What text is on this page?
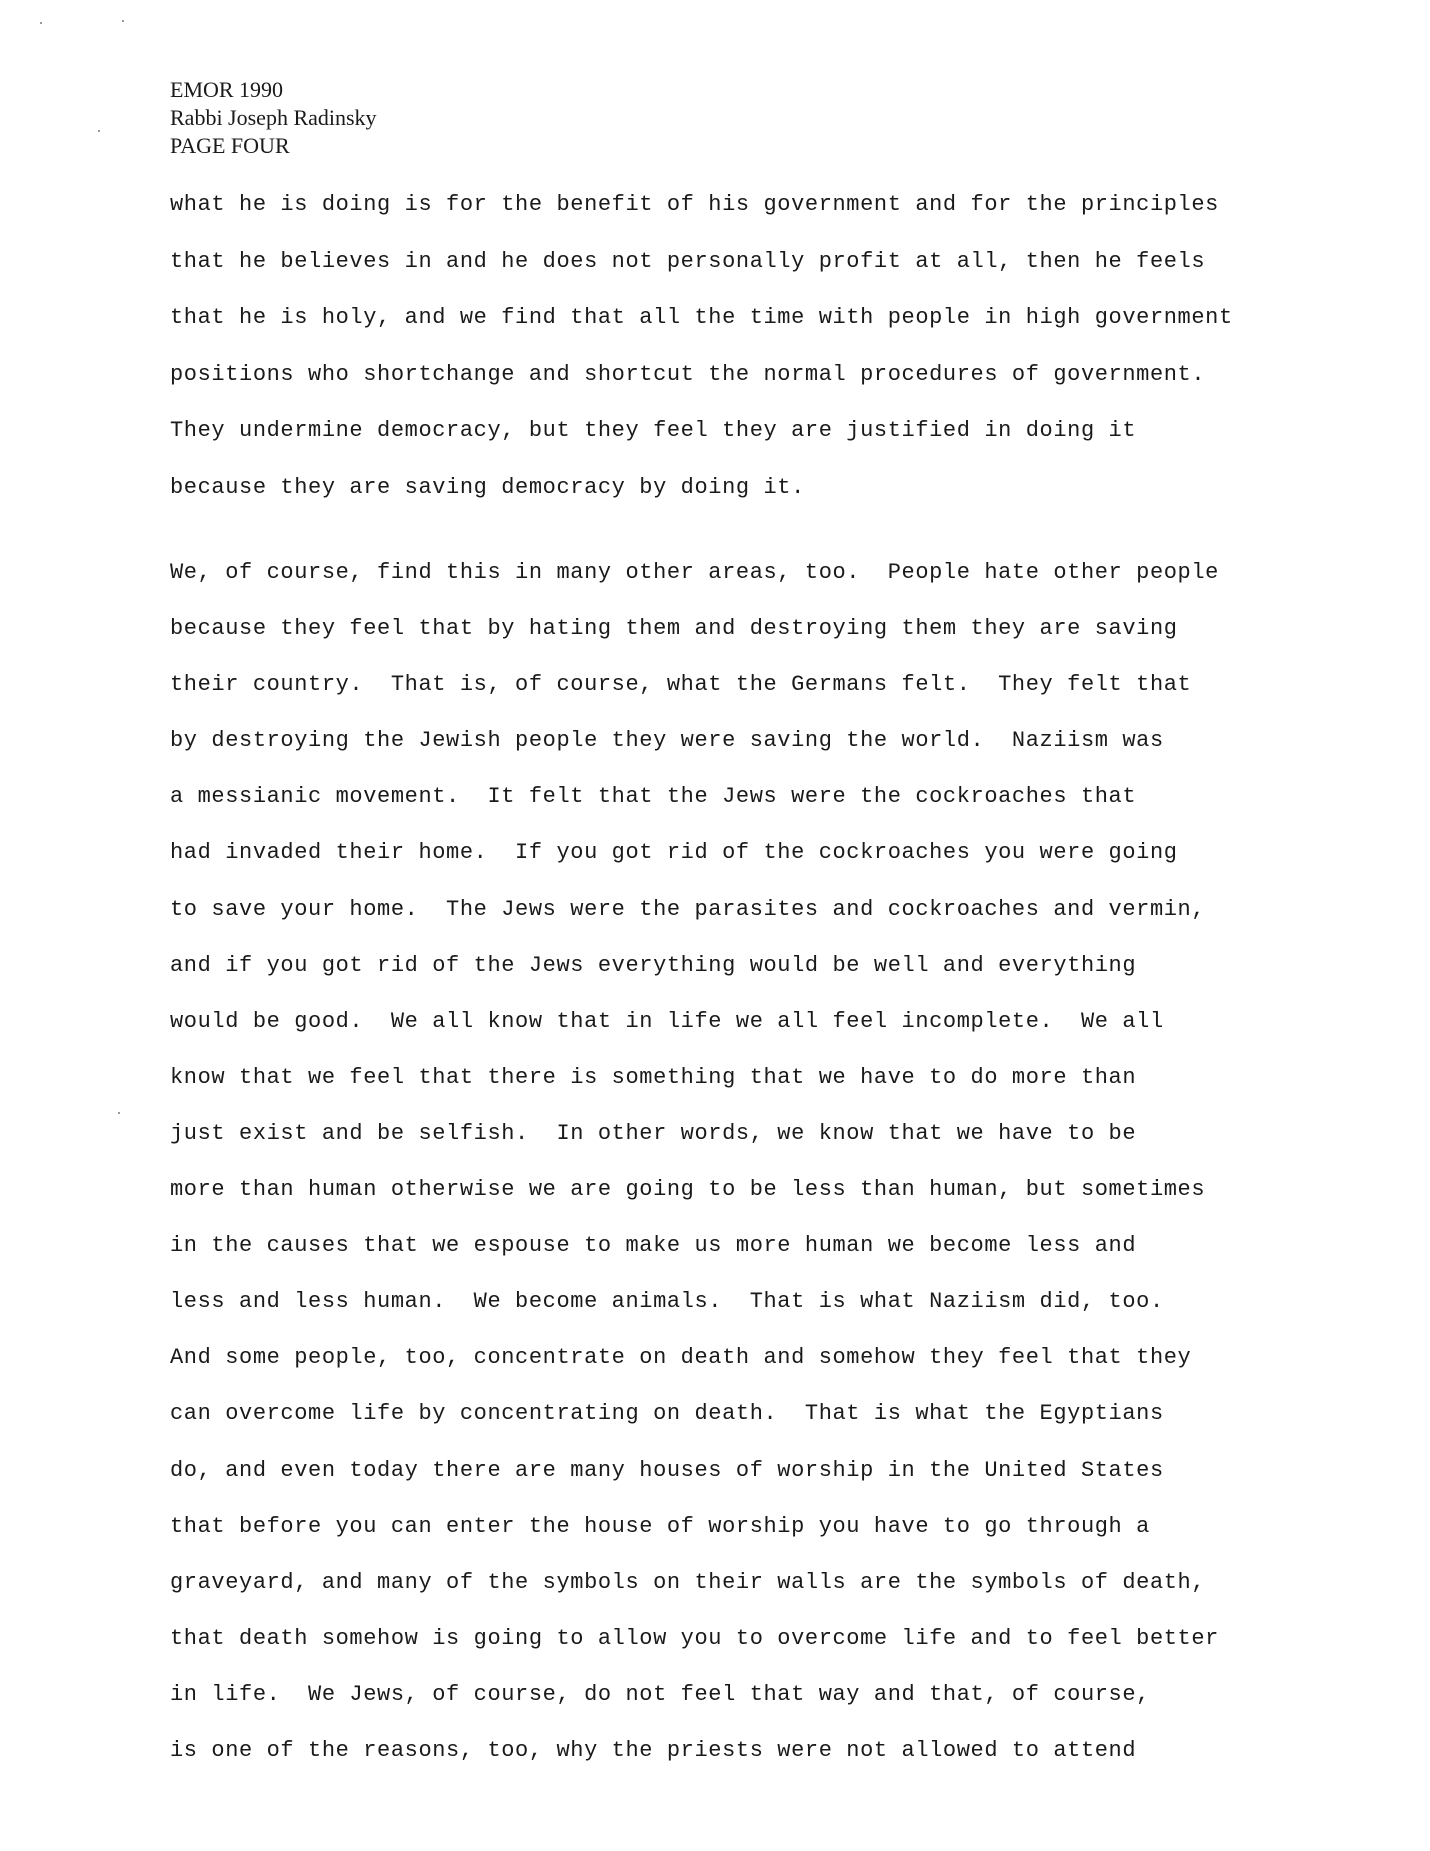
EMOR 1990
Rabbi Joseph Radinsky
PAGE FOUR
what he is doing is for the benefit of his government and for the principles
that he believes in and he does not personally profit at all, then he feels
that he is holy, and we find that all the time with people in high government
positions who shortchange and shortcut the normal procedures of government.
They undermine democracy, but they feel they are justified in doing it
because they are saving democracy by doing it.
We, of course, find this in many other areas, too.  People hate other people
because they feel that by hating them and destroying them they are saving
their country.  That is, of course, what the Germans felt.  They felt that
by destroying the Jewish people they were saving the world.  Naziism was
a messianic movement.  It felt that the Jews were the cockroaches that
had invaded their home.  If you got rid of the cockroaches you were going
to save your home.  The Jews were the parasites and cockroaches and vermin,
and if you got rid of the Jews everything would be well and everything
would be good.  We all know that in life we all feel incomplete.  We all
know that we feel that there is something that we have to do more than
just exist and be selfish.  In other words, we know that we have to be
more than human otherwise we are going to be less than human, but sometimes
in the causes that we espouse to make us more human we become less and
less and less human.  We become animals.  That is what Naziism did, too.
And some people, too, concentrate on death and somehow they feel that they
can overcome life by concentrating on death.  That is what the Egyptians
do, and even today there are many houses of worship in the United States
that before you can enter the house of worship you have to go through a
graveyard, and many of the symbols on their walls are the symbols of death,
that death somehow is going to allow you to overcome life and to feel better
in life.  We Jews, of course, do not feel that way and that, of course,
is one of the reasons, too, why the priests were not allowed to attend
